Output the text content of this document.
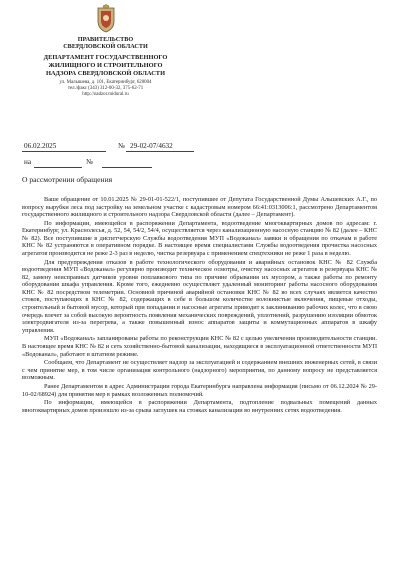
ПРАВИТЕЛЬСТВО
СВЕРДЛОВСКОЙ ОБЛАСТИ
ДЕПАРТАМЕНТ ГОСУДАРСТВЕННОГО
ЖИЛИЩНОГО И СТРОИТЕЛЬНОГО
НАДЗОРА СВЕРДЛОВСКОЙ ОБЛАСТИ
ул. Малышева, д. 101, Екатеринбург, 620004
тел./факс (343) 312-00-32, 375-62-71
http://nadzor.midural.ru
06.02.2025	№ 29-02-07/4632
на	№
О рассмотрении обращения

Ваше обращение от 10.01.2025 № 29-01-01-522/1, поступившее от Депутата Государственной Думы Альшевских А.Г., по вопросу вырубки леса под застройку на земельном участке с кадастровым номером 66:41:0313006:1, рассмотрено Департаментом государственного жилищного и строительного надзора Свердловской области (далее – Департамент).

По информации, имеющейся в распоряжении Департамента, водоотведение многоквартирных домов по адресам: г. Екатеринбург, ул. Краснолесья, д. 52, 54, 54/2, 54/4, осуществляется через канализационную насосную станцию № 82 (далее – КНС № 82). Все поступившие в диспетчерскую Службы водоотведения МУП «Водоканал» заявки и обращения по откачам в работе КНС № 82 устраняются в оперативном порядке. В настоящее время специалистами Службы водоотведения прочистка насосных агрегатов производится не реже 2-3 раз в неделю, чистка резервуара с применением спецтехники не реже 1 раза в неделю.

Для предупреждения отказов в работе технологического оборудования и аварийных остановок КНС № 82 Служба водоотведения МУП «Водоканал» регулярно производит техническое осмотры, очистку насосных агрегатов и резервуара КНС № 82, замену неисправных датчиков уровня поплавкового типа по причине обрывания их мусором, а также работы по ремонту оборудования шкафа управления. Кроме того, ежедневно осуществляет удаленный мониторинг работы насосного оборудования КНС № 82 посредством телеметрии. Основной причиной аварийной остановки КНС № 82 во всех случаях является качество стоков, поступающих в КНС № 82, содержащих в себе в большом количестве волокнистые включения, пищевые отходы, строительный и бытовой мусор, который при попадании в насосные агрегаты приводит к заклиниванию рабочих колес, что в свою очередь влечет за собой высокую вероятность появления механических повреждений, уплотнений, разрушению изоляции обмоток электродвигателя из-за перегрева, а также повышенный износ аппаратов защиты и коммутационных аппаратов в шкафу управления.

МУП «Водоканал» запланированы работы по реконструкции КНС № 82 с целью увеличения производительности станции. В настоящее время КНС № 82 и сеть хозяйственно-бытовой канализации, находящиеся в эксплуатационной ответственности МУП «Водоканал», работают в штатном режиме.

Сообщаем, что Департамент не осуществляет надзор за эксплуатацией и содержанием внешних инженерных сетей, в связи с чем принятие мер, в том числе организация контрольного (надзорного) мероприятия, по данному вопросу не представляется возможным.

Ранее Департаментом в адрес Администрации города Екатеринбурга направлена информация (письмо от 06.12.2024 № 29-10-02/68924) для принятия мер в рамках возложенных полномочий.

По информации, имеющейся в распоряжении Департамента, подтопление подвальных помещений данных многоквартирных домов произошло из-за срыва заглушек на стояках канализации во внутренних сетях водоотведения.
